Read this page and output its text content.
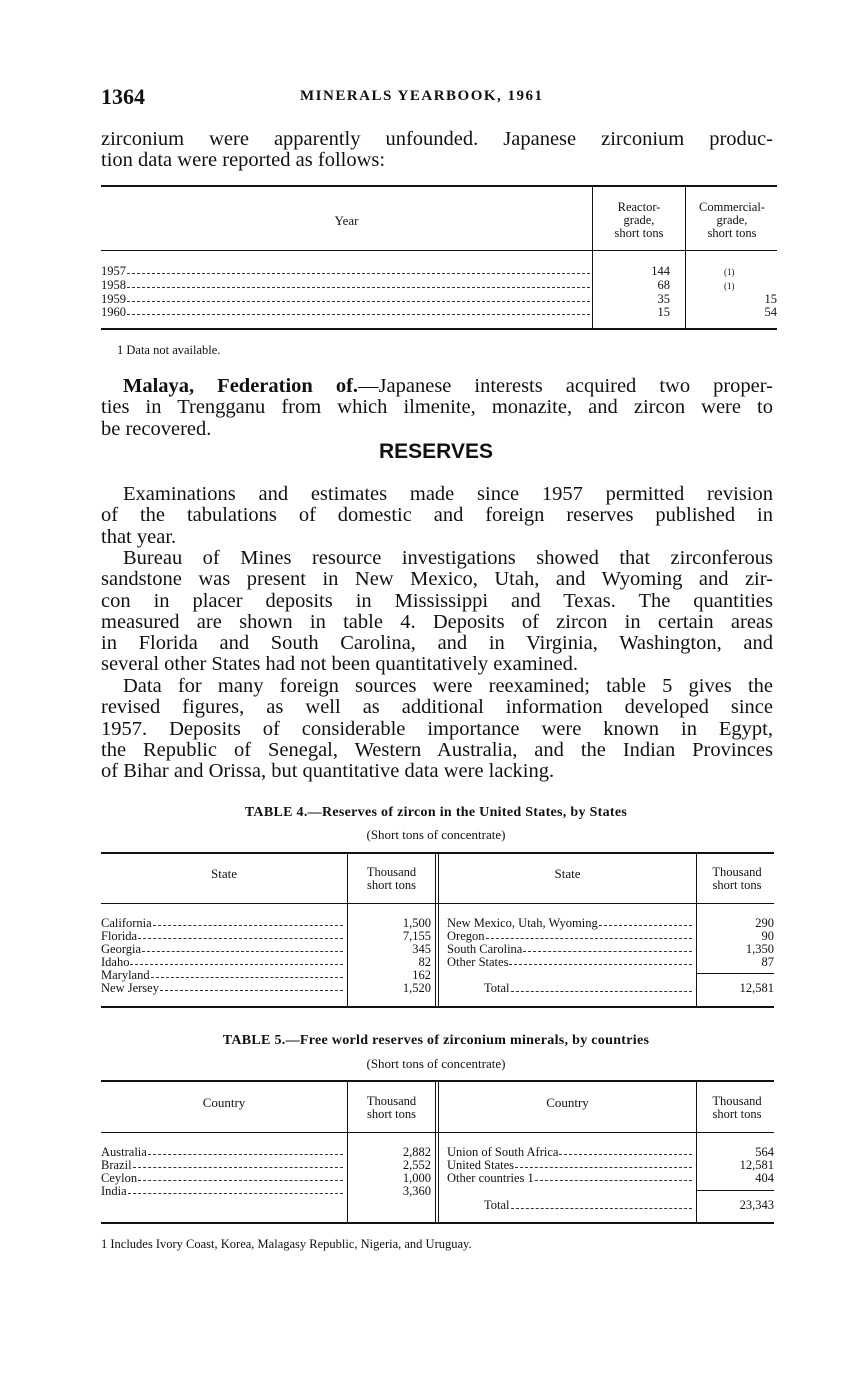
1364	MINERALS YEARBOOK, 1961
zirconium were apparently unfounded. Japanese zirconium produc-
tion data were reported as follows:
Year
Reactor-
grade,
short tons
Commercial-
grade,
short tons
1957	144	(1)

1958	68	(1)

1959	35	15

1960	15	54
1 Data not available.
Malaya, Federation of.—Japanese interests acquired two proper-
ties in Trengganu from which ilmenite, monazite, and zircon were to
be recovered.
RESERVES
Examinations and estimates made since 1957 permitted revision
of the tabulations of domestic and foreign reserves published in
that year.
Bureau of Mines resource investigations showed that zirconferous
sandstone was present in New Mexico, Utah, and Wyoming and zir-
con in placer deposits in Mississippi and Texas. The quantities
measured are shown in table 4. Deposits of zircon in certain areas
in Florida and South Carolina, and in Virginia, Washington, and
several other States had not been quantitatively examined.
Data for many foreign sources were reexamined; table 5 gives the
revised figures, as well as additional information developed since
1957. Deposits of considerable importance were known in Egypt,
the Republic of Senegal, Western Australia, and the Indian Provinces
of Bihar and Orissa, but quantitative data were lacking.
TABLE 4.—Reserves of zircon in the United States, by States
(Short tons of concentrate)
State	Thousand
short tons
State	Thousand
short tons
California	1,500

Florida	7,155

Georgia	345

Idaho	82

Maryland	162

New Jersey	1,520
New Mexico, Utah, Wyoming	290

Oregon	90

South Carolina	1,350

Other States	87
Total	12,581
TABLE 5.—Free world reserves of zirconium minerals, by countries
(Short tons of concentrate)
Country	Thousand
short tons
Country	Thousand
short tons
Australia	2,882

Brazil	2,552

Ceylon	1,000

India	3,360
Union of South Africa	564

United States	12,581

Other countries 1	404
Total	23,343
1 Includes Ivory Coast, Korea, Malagasy Republic, Nigeria, and Uruguay.
